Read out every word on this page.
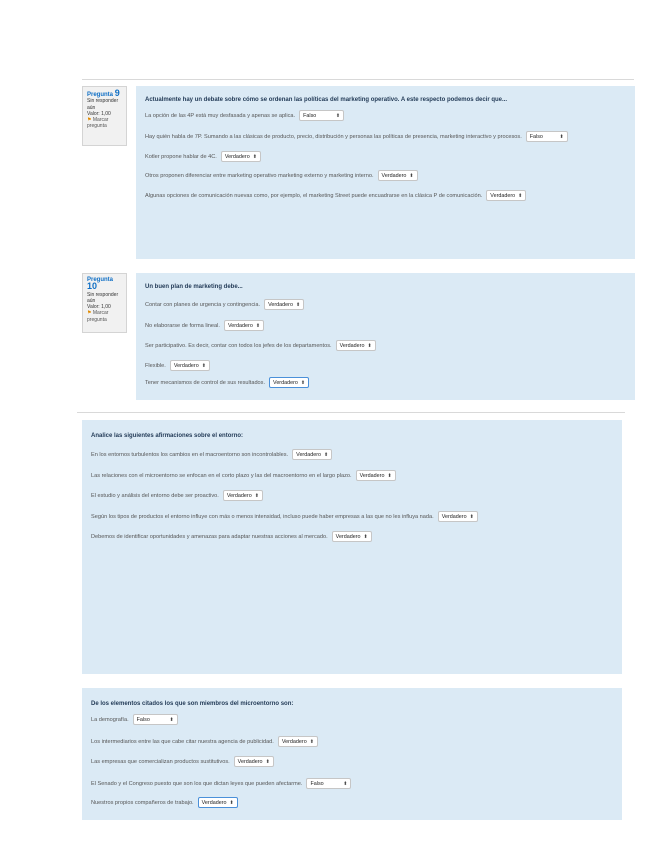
Pregunta 9
Sin responder aún
Valor: 1,00
⚑ Marcar pregunta
Actualmente hay un debate sobre cómo se ordenan las políticas del marketing operativo. A este respecto podemos decir que...
La opción de las 4P está muy desfasada y apenas se aplica. Falso	⬍
Hay quién habla de 7P. Sumando a las clásicas de producto, precio, distribución y personas las políticas de presencia, marketing interactivo y procesos. Falso	⬍
Kotler propone hablar de 4C. Verdadero ⬍
Otros proponen diferenciar entre marketing operativo marketing externo y marketing interno. Verdadero ⬍
Algunas opciones de comunicación nuevas como, por ejemplo, el marketing Street puede encuadrarse en la clásica P de comunicación. Verdadero ⬍
Pregunta 10
Sin responder aún
Valor: 1,00
⚑ Marcar pregunta
Un buen plan de marketing debe...
Contar con planes de urgencia y contingencia. Verdadero ⬍
No elaborarse de forma lineal. Verdadero ⬍
Ser participativo. Es decir, contar con todos los jefes de los departamentos. Verdadero ⬍
Flexible. Verdadero ⬍
Tener mecanismos de control de sus resultados. Verdadero ⬍
Analice las siguientes afirmaciones sobre el entorno:
En los entornos turbulentos los cambios en el macroentorno son incontrolables. Verdadero ⬍
Las relaciones con el microentorno se enfocan en el corto plazo y las del macroentorno en el largo plazo. Verdadero ⬍
El estudio y análisis del entorno debe ser proactivo. Verdadero ⬍
Según los tipos de productos el entorno influye con más o menos intensidad, incluso puede haber empresas a las que no les influya nada. Verdadero ⬍
Debemos de identificar oportunidades y amenazas para adaptar nuestras acciones al mercado. Verdadero ⬍
De los elementos citados los que son miembros del microentorno son:
La demografía. Falso	⬍
Los intermediarios entre las que cabe citar nuestra agencia de publicidad. Verdadero ⬍
Las empresas que comercializan productos sustitutivos. Verdadero ⬍
El Senado y el Congreso puesto que son los que dictan leyes que pueden afectarme. Falso	⬍
Nuestros propios compañeros de trabajo. Verdadero ⬍
